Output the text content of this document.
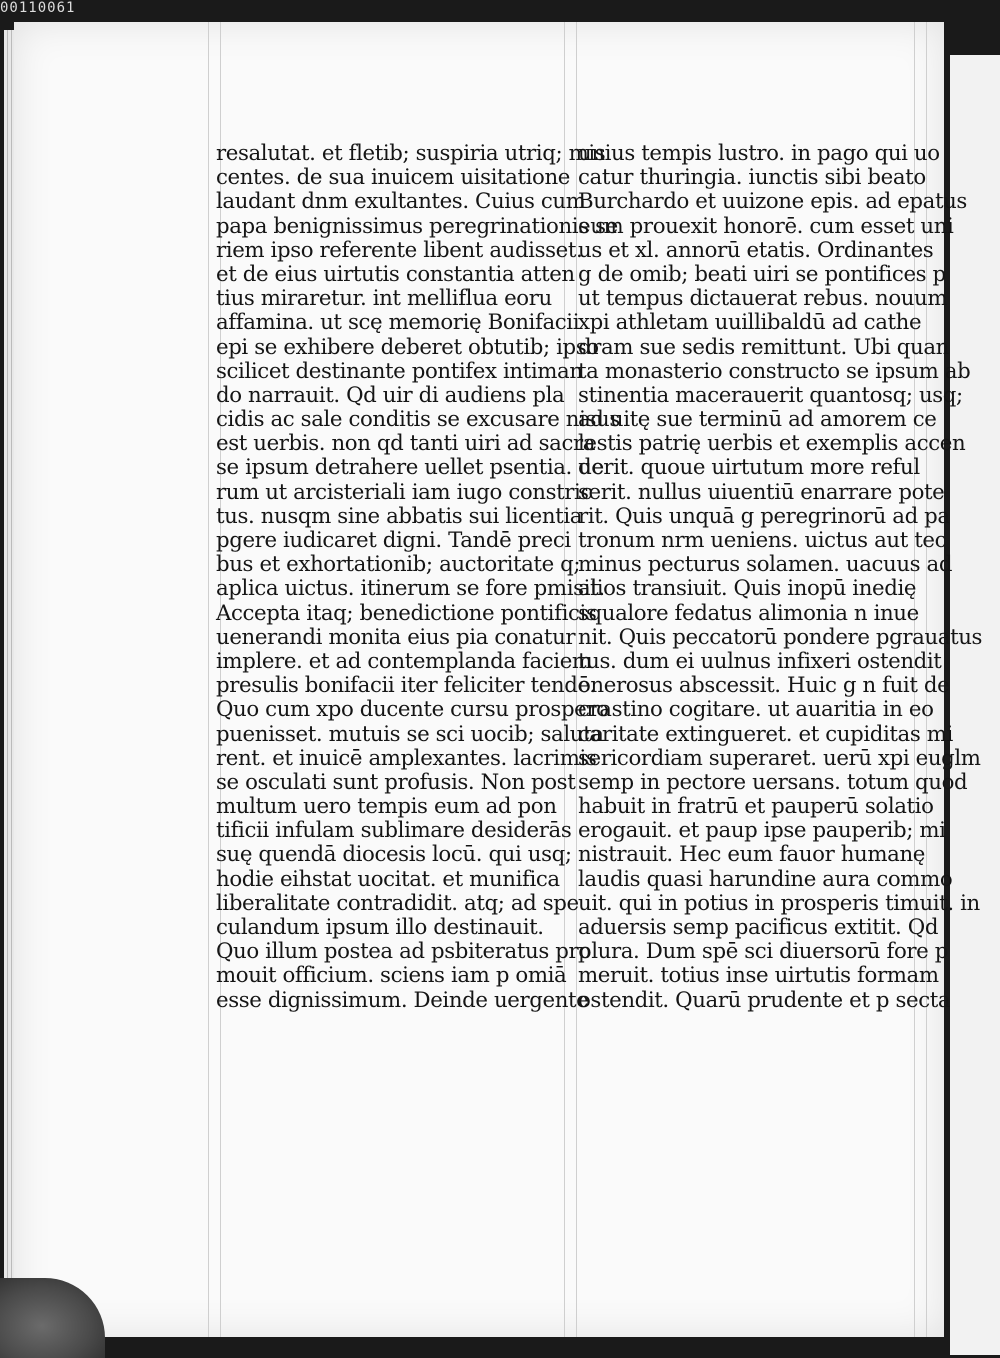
00110061
resalutat. et fletib; suspiria utriq; mis
centes. de sua inuicem uisitatione
laudant dnm exultantes. Cuius cum
papa benignissimus peregrinationis se
riem ipso referente libent audisset.
et de eius uirtutis constantia atten
tius miraretur. int melliflua eoru
affamina. ut scę memorię Bonifacii
epi se exhibere deberet obtutib; ipso
scilicet destinante pontifex intiman
do narrauit. Qd uir di audiens pla
cidis ac sale conditis se excusare nisus
est uerbis. non qd tanti uiri ad sacra
se ipsum detrahere uellet psentia. ue
rum ut arcisteriali iam iugo constric
tus. nusqm sine abbatis sui licentia
pgere iudicaret digni. Tandē preci
bus et exhortationib; auctoritate q;
aplica uictus. itinerum se fore pmisit.
Accepta itaq; benedictione pontificis
uenerandi monita eius pia conatur
implere. et ad contemplanda faciem
presulis bonifacii iter feliciter tendē.
Quo cum xpo ducente cursu prospero
puenisset. mutuis se sci uocib; saluta
rent. et inuicē amplexantes. lacrimis
se osculati sunt profusis. Non post
multum uero tempis eum ad pon
tificii infulam sublimare desiderās
suę quendā diocesis locū. qui usq;
hodie eihstat uocitat. et munifica
liberalitate contradidit. atq; ad spe
culandum ipsum illo destinauit.
Quo illum postea ad psbiteratus pro
mouit officium. sciens iam p omiā
esse dignissimum. Deinde uergente
unius tempis lustro. in pago qui uo
catur thuringia. iunctis sibi beato
Burchardo et uuizone epis. ad epatus
eum prouexit honorē. cum esset uni
us et xl. annorū etatis. Ordinantes
g de omib; beati uiri se pontifices p
ut tempus dictauerat rebus. nouum
xpi athletam uuillibaldū ad cathe
dram sue sedis remittunt. Ubi quan
ta monasterio constructo se ipsum ab
stinentia macerauerit quantosq; usq;
ad uitę sue terminū ad amorem ce
lestis patrię uerbis et exemplis accen
derit. quoue uirtutum more reful
serit. nullus uiuentiū enarrare pote
rit. Quis unquā g peregrinorū ad pa
tronum nrm ueniens. uictus aut tec
minus pecturus solamen. uacuus ad
alios transiuit. Quis inopū inedię
squalore fedatus alimonia n inue
nit. Quis peccatorū pondere pgrauatus
tus. dum ei uulnus infixeri ostendit
onerosus abscessit. Huic g n fuit de
crastino cogitare. ut auaritia in eo
caritate extingueret. et cupiditas mi
sericordiam superaret. uerū xpi euglm
semp in pectore uersans. totum quod
habuit in fratrū et pauperū solatio
erogauit. et paup ipse pauperib; mi
nistrauit. Hec eum fauor humanę
laudis quasi harundine aura commo
uit. qui in potius in prosperis timuit. in
aduersis semp pacificus extitit. Qd
plura. Dum spē sci diuersorū fore p
meruit. totius inse uirtutis formam
ostendit. Quarū prudente et p secta
